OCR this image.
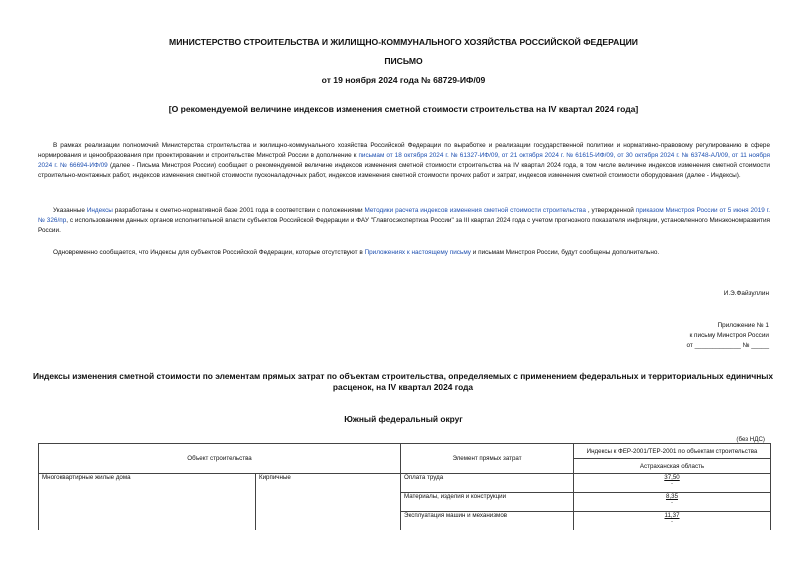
МИНИСТЕРСТВО СТРОИТЕЛЬСТВА И ЖИЛИЩНО-КОММУНАЛЬНОГО ХОЗЯЙСТВА РОССИЙСКОЙ ФЕДЕРАЦИИ
ПИСЬМО
от 19 ноября 2024 года № 68729-ИФ/09
[О рекомендуемой величине индексов изменения сметной стоимости строительства на IV квартал 2024 года]
В рамках реализации полномочий Министерства строительства и жилищно-коммунального хозяйства Российской Федерации по выработке и реализации государственной политики и нормативно-правовому регулированию в сфере нормирования и ценообразования при проектировании и строительстве Минстрой России в дополнение к письмам от 18 октября 2024 г. № 61327-ИФ/09, от 21 октября 2024 г. № 61615-ИФ/09, от 30 октября 2024 г. № 63748-АЛ/09, от 11 ноября 2024 г. № 66694-ИФ/09 (далее - Письма Минстроя России) сообщает о рекомендуемой величине индексов изменения сметной стоимости строительства на IV квартал 2024 года, в том числе величине индексов изменения сметной стоимости строительно-монтажных работ, индексов изменения сметной стоимости пусконаладочных работ, индексов изменения сметной стоимости прочих работ и затрат, индексов изменения сметной стоимости оборудования (далее - Индексы).
Указанные Индексы разработаны к сметно-нормативной базе 2001 года в соответствии с положениями Методики расчета индексов изменения сметной стоимости строительства , утвержденной приказом Минстроя России от 5 июня 2019 г. № 326/пр, с использованием данных органов исполнительной власти субъектов Российской Федерации и ФАУ "Главгосэкспертиза России" за III квартал 2024 года с учетом прогнозного показателя инфляции, установленного Минэкономразвития России.
Одновременно сообщается, что Индексы для субъектов Российской Федерации, которые отсутствуют в Приложениях к настоящему письму и письмам Минстроя России, будут сообщены дополнительно.
И.Э.Файзуллин
Приложение № 1
к письму Минстроя России
от _____________ № _____
Индексы изменения сметной стоимости по элементам прямых затрат по объектам строительства, определяемых с применением федеральных и территориальных единичных расценок, на IV квартал 2024 года
Южный федеральный округ
(без НДС)
Объект строительства		Элемент прямых затрат	Индексы к ФЕР-2001/ТЕР-2001 по объектам строительства
			Астраханская область
Многоквартирные жилые дома	Кирпичные	Оплата труда	37,50
-

		Материалы, изделия и конструкции	8,35
-

		Эксплуатация машин и механизмов	11,37
-
